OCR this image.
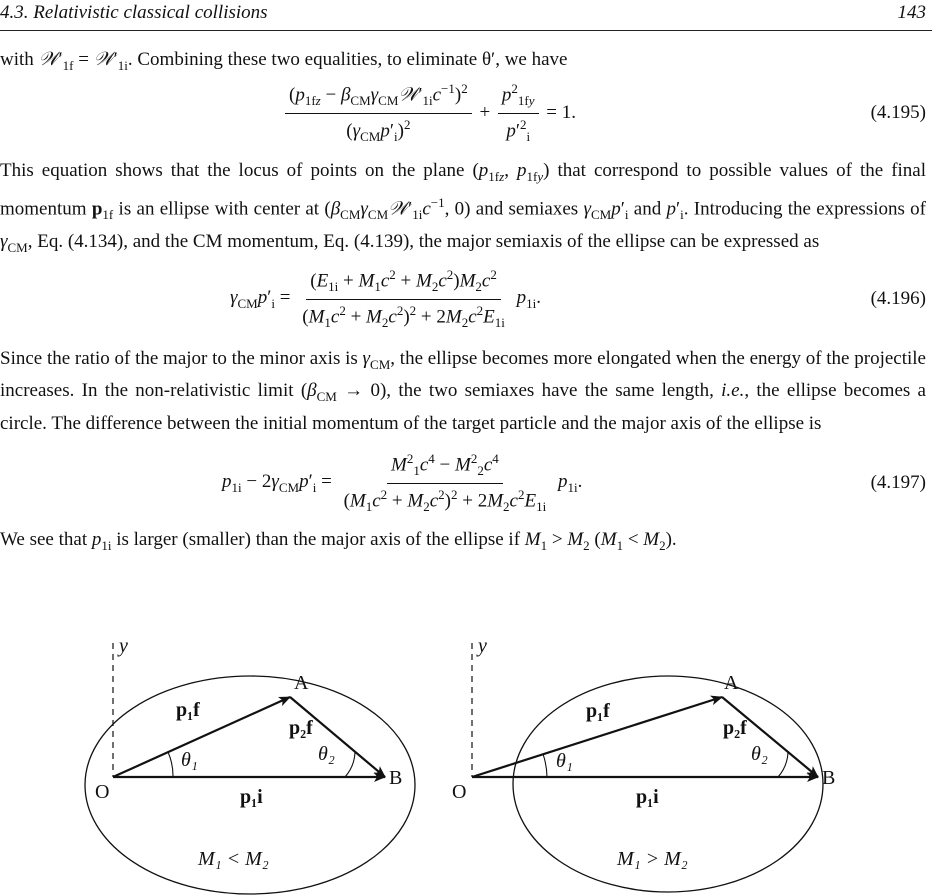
4.3. Relativistic classical collisions	143

with $𝒲'_{1f}$ = $𝒲'_{1i}$. Combining these two equalities, to eliminate θ′, we have

$\frac{(p_{1fz} - \beta_{CM}\gamma_{CM}𝒲'_{1i}c^{-1})^2}{(\gamma_{CM}p'_i)^2} + \frac{p^2_{1fy}}{p'^2_i} = 1$.	(4.195)

This equation shows that the locus of points on the plane ($p_{1fz}$, $p_{1fy}$) that correspond to possible values of the final momentum $p_{1f}$ is an ellipse with center at ($\beta_{CM}\gamma_{CM}𝒲'_{1i}c^{-1}$, 0) and semiaxes $\gamma_{CM}p'_i$ and $p'_i$. Introducing the expressions of $\gamma_{CM}$, Eq. (4.134), and the CM momentum, Eq. (4.139), the major semiaxis of the ellipse can be expressed as

$\gamma_{CM}p'_i = \frac{(E_{1i} + M_1c^2 + M_2c^2)M_2c^2}{(M_1c^2 + M_2c^2)^2 + 2M_2c^2E_{1i}} p_{1i}$.	(4.196)

Since the ratio of the major to the minor axis is $\gamma_{CM}$, the ellipse becomes more elongated when the energy of the projectile increases. In the non-relativistic limit $(\beta_{CM} \to 0)$, the two semiaxes have the same length, i.e., the ellipse becomes a circle. The difference between the initial momentum of the target particle and the major axis of the ellipse is

$p_{1i} - 2\gamma_{CM}p'_i = \frac{M^2_1c^4 - M^2_2c^4}{(M_1c^2 + M_2c^2)^2 + 2M_2c^2E_{1i}} p_{1i}$.	(4.197)

We see that $p_{1i}$ is larger (smaller) than the major axis of the ellipse if $M_1 > M_2$ $(M_1 < M_2)$.

y
A
O
B
p₁f
p₂f
p₁i
θ₁	θ₂
M₁ < M₂
y
A
O
B
p₁f
p₂f
p₁i
θ₁	θ₂
M₁ > M₂
